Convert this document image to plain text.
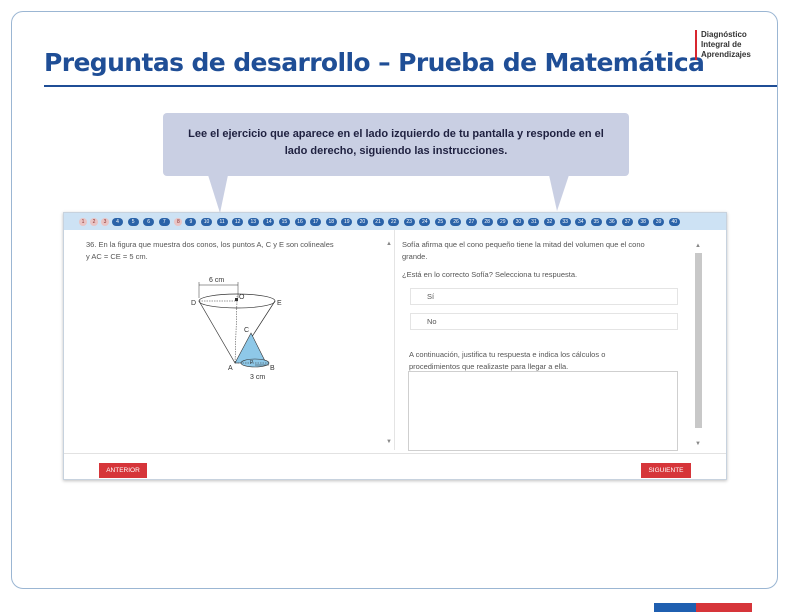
Preguntas de desarrollo – Prueba de Matemática
Diagnóstico
Integral de
Aprendizajes
Lee el ejercicio que aparece en el lado izquierdo de tu pantalla y responde en el
lado derecho, siguiendo las instrucciones.
1	2	3	4	5	6	7	8	9	10	11	12	13	14	15	16	17	18	19	20	21	22	23	24	25	26	27	28	29	30	31	32	33	34	35	36	37	38	39	40
36. En la figura que muestra dos conos, los puntos A, C y E son colineales
y AC = CE = 5 cm.
6 cm
D
O
E
C
P
B
A
3 cm
▲
▼
Sofía afirma que el cono pequeño tiene la mitad del volumen que el cono
grande.
¿Está en lo correcto Sofía? Selecciona tu respuesta.
Sí
No
A continuación, justifica tu respuesta e indica los cálculos o
procedimientos que realizaste para llegar a ella.
▲
▼
ANTERIOR	SIGUIENTE
